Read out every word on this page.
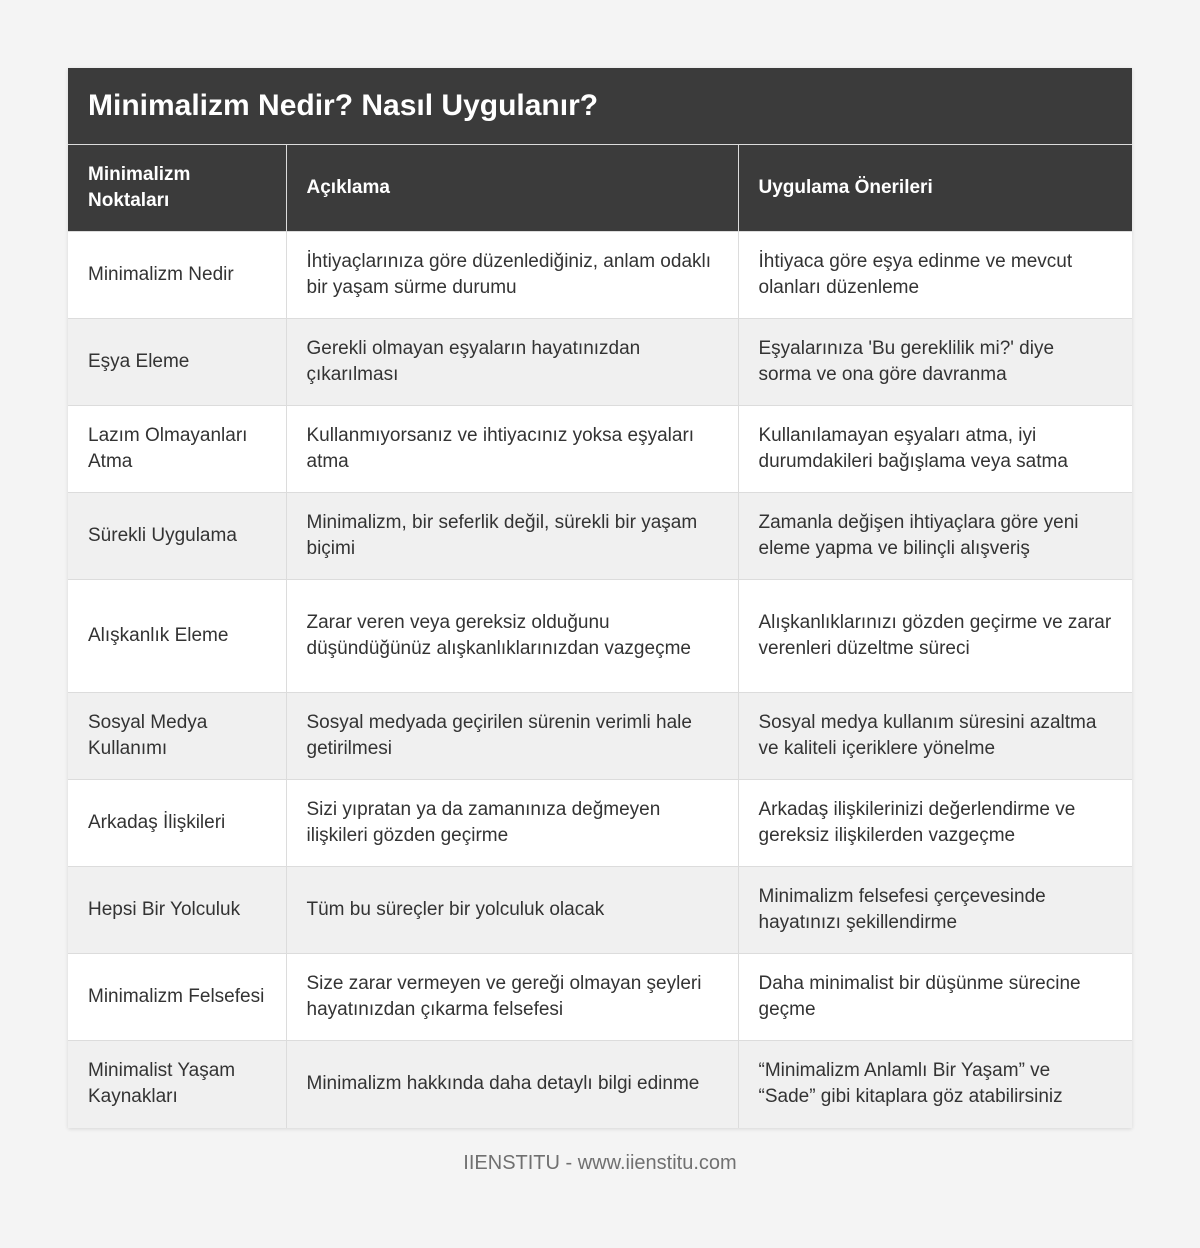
Minimalizm Nedir? Nasıl Uygulanır?
Minimalizm Noktaları	Açıklama	Uygulama Önerileri
Minimalizm Nedir	İhtiyaçlarınıza göre düzenlediğiniz, anlam odaklı bir yaşam sürme durumu	İhtiyaca göre eşya edinme ve mevcut olanları düzenleme
Eşya Eleme	Gerekli olmayan eşyaların hayatınızdan çıkarılması	Eşyalarınıza 'Bu gereklilik mi?' diye sorma ve ona göre davranma
Lazım Olmayanları Atma	Kullanmıyorsanız ve ihtiyacınız yoksa eşyaları atma	Kullanılamayan eşyaları atma, iyi durumdakileri bağışlama veya satma
Sürekli Uygulama	Minimalizm, bir seferlik değil, sürekli bir yaşam biçimi	Zamanla değişen ihtiyaçlara göre yeni eleme yapma ve bilinçli alışveriş
Alışkanlık Eleme	Zarar veren veya gereksiz olduğunu düşündüğünüz alışkanlıklarınızdan vazgeçme	Alışkanlıklarınızı gözden geçirme ve zarar verenleri düzeltme süreci
Sosyal Medya Kullanımı	Sosyal medyada geçirilen sürenin verimli hale getirilmesi	Sosyal medya kullanım süresini azaltma ve kaliteli içeriklere yönelme
Arkadaş İlişkileri	Sizi yıpratan ya da zamanınıza değmeyen ilişkileri gözden geçirme	Arkadaş ilişkilerinizi değerlendirme ve gereksiz ilişkilerden vazgeçme
Hepsi Bir Yolculuk	Tüm bu süreçler bir yolculuk olacak	Minimalizm felsefesi çerçevesinde hayatınızı şekillendirme
Minimalizm Felsefesi	Size zarar vermeyen ve gereği olmayan şeyleri hayatınızdan çıkarma felsefesi	Daha minimalist bir düşünme sürecine geçme
Minimalist Yaşam Kaynakları	Minimalizm hakkında daha detaylı bilgi edinme	“Minimalizm Anlamlı Bir Yaşam” ve “Sade” gibi kitaplara göz atabilirsiniz
IIENSTITU - www.iienstitu.com
